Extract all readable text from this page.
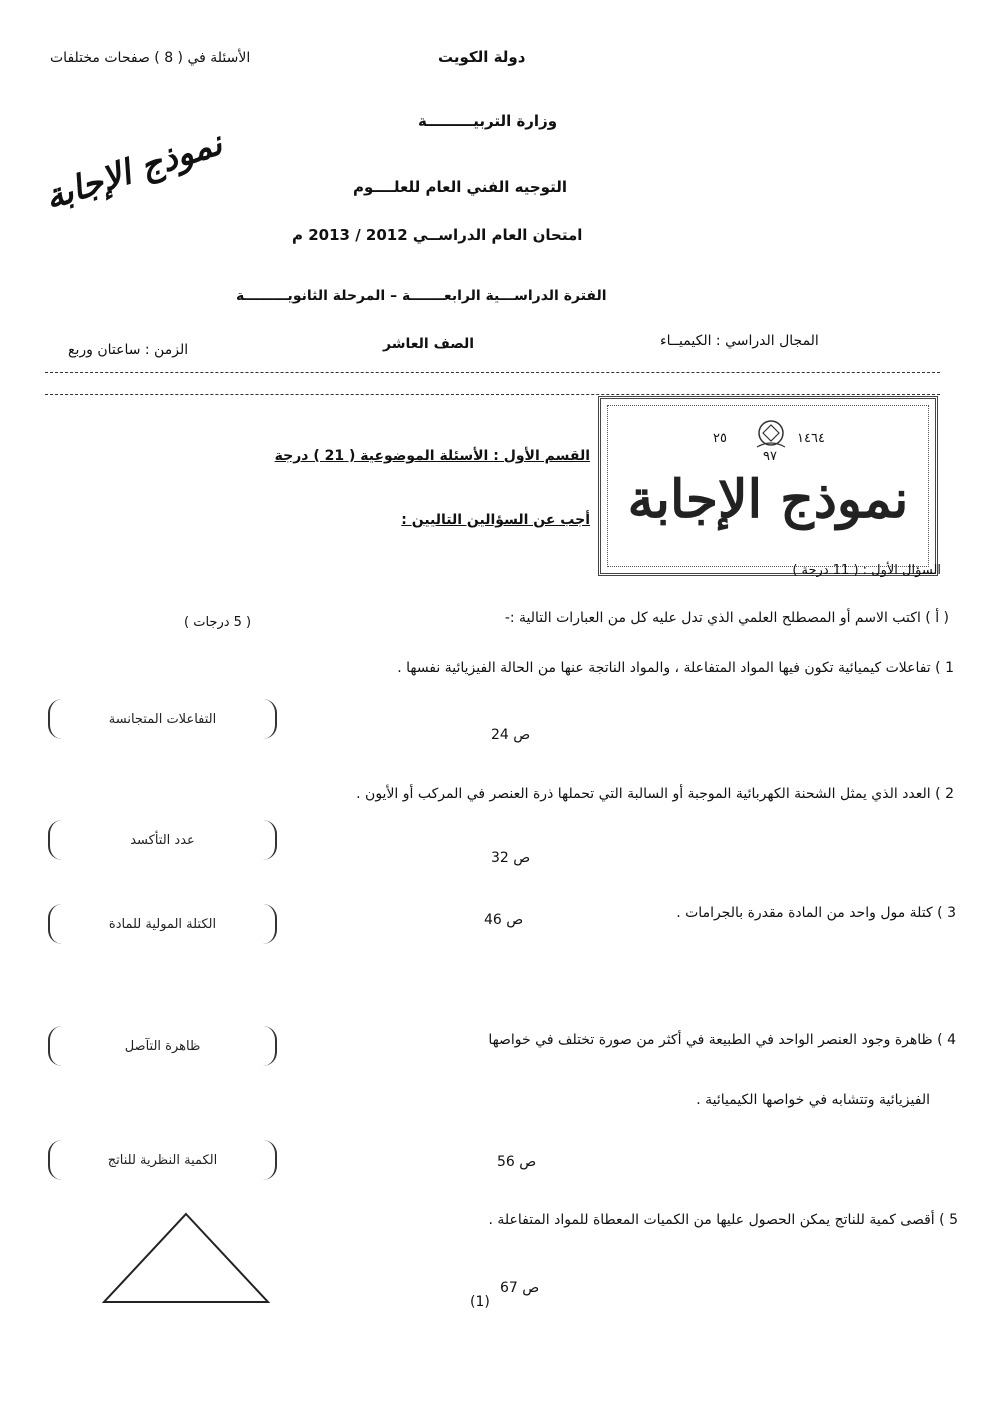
دولة الكويت
الأسئلة في ( 8 ) صفحات مختلفات
وزارة التربيـــــــــة
التوجيه الفني العام للعلــــوم
امتحان العام الدراســي 2012 / 2013 م
نموذج الإجابة
الفترة الدراســـية الرابعـــــــة – المرحلة الثانويـــــــــة
المجال الدراسي : الكيميــاء
الصف العاشر
الزمن : ساعتان وربع
٢٥	١٤٦٤
٩٧
نموذج الإجابة
القسم الأول : الأسئلة الموضوعية ( 21 ) درجة
أجب عن السؤالين التاليين :
السؤال الأول : ( 11 درجة )
( أ ) اكتب الاسم أو المصطلح العلمي الذي تدل عليه كل من العبارات التالية :-
( 5 درجات )
1 ) تفاعلات كيميائية تكون فيها المواد المتفاعلة ، والمواد الناتجة عنها من الحالة الفيزيائية نفسها .
التفاعلات المتجانسة
ص 24
2 ) العدد الذي يمثل الشحنة الكهربائية الموجبة أو السالبة التي تحملها ذرة العنصر في المركب أو الأيون .
عدد التأكسد
ص 32
3 ) كتلة مول واحد من المادة مقدرة بالجرامات .
ص 46
الكتلة المولية للمادة
4 ) ظاهرة وجود العنصر الواحد في الطبيعة في أكثر من صورة تختلف في خواصها
الفيزيائية وتتشابه في خواصها الكيميائية .
ظاهرة التآصل
الكمية النظرية للناتج	ص 56
5 ) أقصى كمية للناتج يمكن الحصول عليها من الكميات المعطاة للمواد المتفاعلة .
ص 67
(1)
